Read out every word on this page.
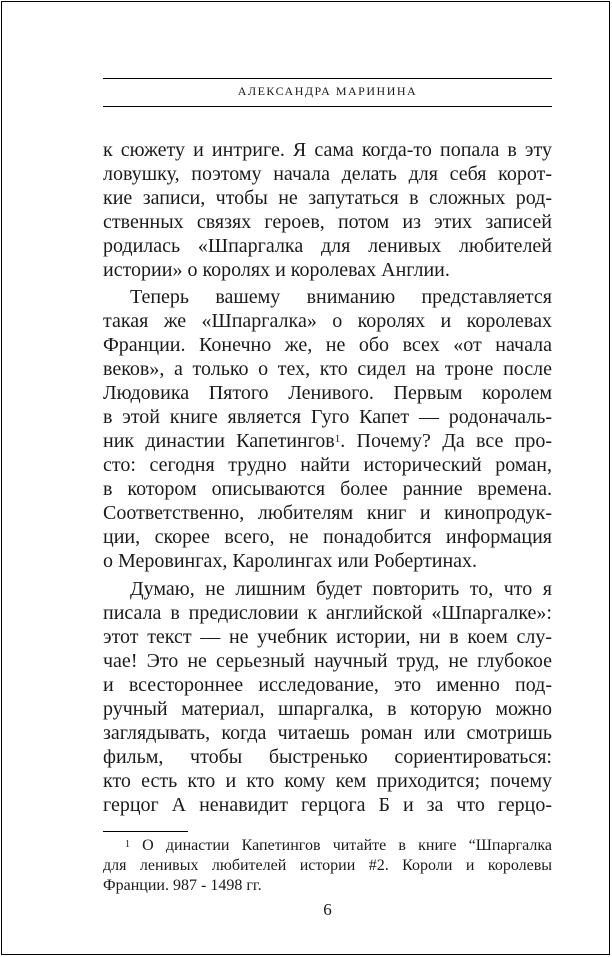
АЛЕКСАНДРА МАРИНИНА
к сюжету и интриге. Я сама когда-то попала в эту
ловушку, поэтому начала делать для себя корот-
кие записи, чтобы не запутаться в сложных род-
ственных связях героев, потом из этих записей
родилась «Шпаргалка для ленивых любителей
истории» о королях и королевах Англии.
Теперь вашему вниманию представляется
такая же «Шпаргалка» о королях и королевах
Франции. Конечно же, не обо всех «от начала
веков», а только о тех, кто сидел на троне после
Людовика Пятого Ленивого. Первым королем
в этой книге является Гуго Капет — родоначаль-
ник династии Капетингов$^1$. Почему? Да все про-
сто: сегодня трудно найти исторический роман,
в котором описываются более ранние времена.
Соответственно, любителям книг и кинопродук-
ции, скорее всего, не понадобится информация
о Меровингах, Каролингах или Робертинах.
Думаю, не лишним будет повторить то, что я
писала в предисловии к английской «Шпаргалке»:
этот текст — не учебник истории, ни в коем слу-
чае! Это не серьезный научный труд, не глубокое
и всестороннее исследование, это именно под-
ручный материал, шпаргалка, в которую можно
заглядывать, когда читаешь роман или смотришь
фильм, чтобы быстренько сориентироваться:
кто есть кто и кто кому кем приходится; почему
герцог А ненавидит герцога Б и за что герцо-
$^1$ О династии Капетингов читайте в книге “Шпаргалка
для ленивых любителей истории #2. Короли и королевы
Франции. 987 - 1498 гг.
6
